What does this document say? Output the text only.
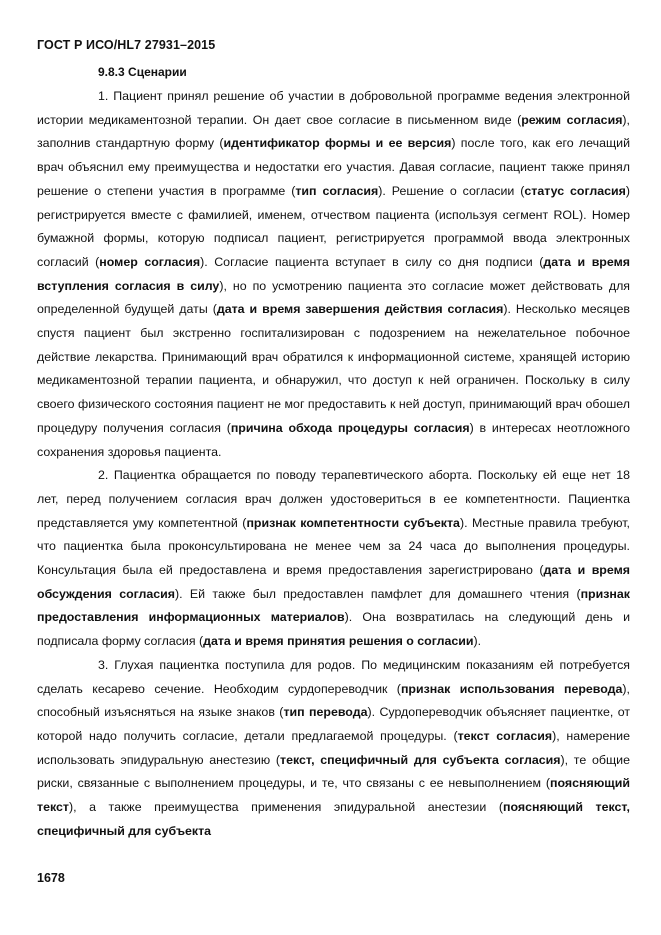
ГОСТ Р ИСО/HL7 27931–2015
9.8.3 Сценарии

1. Пациент принял решение об участии в добровольной программе ведения электронной истории медикаментозной терапии. Он дает свое согласие в письменном виде (режим согласия), заполнив стандартную форму (идентификатор формы и ее версия) после того, как его лечащий врач объяснил ему преимущества и недостатки его участия. Давая согласие, пациент также принял решение о степени участия в программе (тип согласия). Решение о согласии (статус согласия) регистрируется вместе с фамилией, именем, отчеством пациента (используя сегмент ROL). Номер бумажной формы, которую подписал пациент, регистрируется программой ввода электронных согласий (номер согласия). Согласие пациента вступает в силу со дня подписи (дата и время вступления согласия в силу), но по усмотрению пациента это согласие может действовать для определенной будущей даты (дата и время завершения действия согласия). Несколько месяцев спустя пациент был экстренно госпитализирован с подозрением на нежелательное побочное действие лекарства. Принимающий врач обратился к информационной системе, хранящей историю медикаментозной терапии пациента, и обнаружил, что доступ к ней ограничен. Поскольку в силу своего физического состояния пациент не мог предоставить к ней доступ, принимающий врач обошел процедуру получения согласия (причина обхода процедуры согласия) в интересах неотложного сохранения здоровья пациента.

2. Пациентка обращается по поводу терапевтического аборта. Поскольку ей еще нет 18 лет, перед получением согласия врач должен удостовериться в ее компетентности. Пациентка представляется уму компетентной (признак компетентности субъекта). Местные правила требуют, что пациентка была проконсультирована не менее чем за 24 часа до выполнения процедуры. Консультация была ей предоставлена и время предоставления зарегистрировано (дата и время обсуждения согласия). Ей также был предоставлен памфлет для домашнего чтения (признак предоставления информационных материалов). Она возвратилась на следующий день и подписала форму согласия (дата и время принятия решения о согласии).

3. Глухая пациентка поступила для родов. По медицинским показаниям ей потребуется сделать кесарево сечение. Необходим сурдопереводчик (признак использования перевода), способный изъясняться на языке знаков (тип перевода). Сурдопереводчик объясняет пациентке, от которой надо получить согласие, детали предлагаемой процедуры. (текст согласия), намерение использовать эпидуральную анестезию (текст, специфичный для субъекта согласия), те общие риски, связанные с выполнением процедуры, и те, что связаны с ее невыполнением (поясняющий текст), а также преимущества применения эпидуральной анестезии (поясняющий текст, специфичный для субъекта

1678
